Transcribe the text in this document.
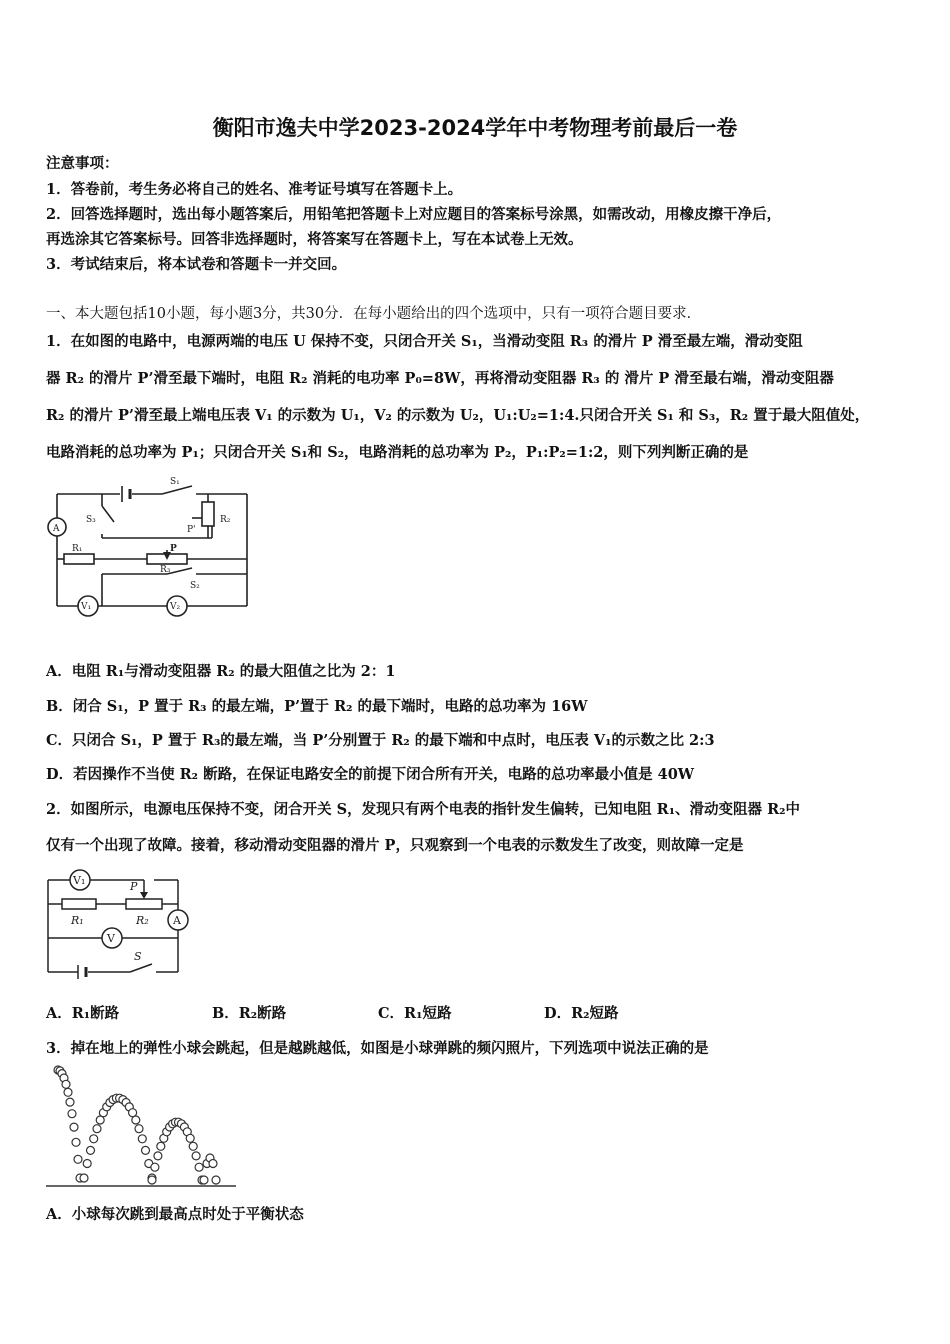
衡阳市逸夫中学2023-2024学年中考物理考前最后一卷
注意事项：
1．答卷前，考生务必将自己的姓名、准考证号填写在答题卡上。
2．回答选择题时，选出每小题答案后，用铅笔把答题卡上对应题目的答案标号涂黑，如需改动，用橡皮擦干净后，
再选涂其它答案标号。回答非选择题时，将答案写在答题卡上，写在本试卷上无效。
3．考试结束后，将本试卷和答题卡一并交回。
一、本大题包括10小题，每小题3分，共30分．在每小题给出的四个选项中，只有一项符合题目要求．
1．在如图的电路中，电源两端的电压 U 保持不变，只闭合开关 S₁，当滑动变阻 R₃ 的滑片 P 滑至最左端，滑动变阻
器 R₂ 的滑片 P’滑至最下端时，电阻 R₂ 消耗的电功率 P₀=8W，再将滑动变阻器 R₃ 的 滑片 P 滑至最右端，滑动变阻器
R₂ 的滑片 P’滑至最上端电压表 V₁ 的示数为 U₁，V₂ 的示数为 U₂，U₁:U₂=1:4.只闭合开关 S₁ 和 S₃，R₂ 置于最大阻值处，
电路消耗的总功率为 P₁；只闭合开关 S₁和 S₂，电路消耗的总功率为 P₂，P₁:P₂=1:2，则下列判断正确的是
S₁
S₃	R₂
P'
R₁	P
R₃
S₂
A
V₁	V₂
A．电阻 R₁与滑动变阻器 R₂ 的最大阻值之比为 2：1
B．闭合 S₁，P 置于 R₃ 的最左端，P’置于 R₂ 的最下端时，电路的总功率为 16W
C．只闭合 S₁，P 置于 R₃的最左端，当 P’分别置于 R₂ 的最下端和中点时，电压表 V₁的示数之比 2:3
D．若因操作不当使 R₂ 断路，在保证电路安全的前提下闭合所有开关，电路的总功率最小值是 40W
2．如图所示，电源电压保持不变，闭合开关 S，发现只有两个电表的指针发生偏转，已知电阻 R₁、滑动变阻器 R₂中
仅有一个出现了故障。接着，移动滑动变阻器的滑片 P，只观察到一个电表的示数发生了改变，则故障一定是
V₁	P
R₁	R₂ A
V
S
A．R₁断路	B．R₂断路	C．R₁短路	D．R₂短路
3．掉在地上的弹性小球会跳起，但是越跳越低，如图是小球弹跳的频闪照片，下列选项中说法正确的是
A．小球每次跳到最高点时处于平衡状态
